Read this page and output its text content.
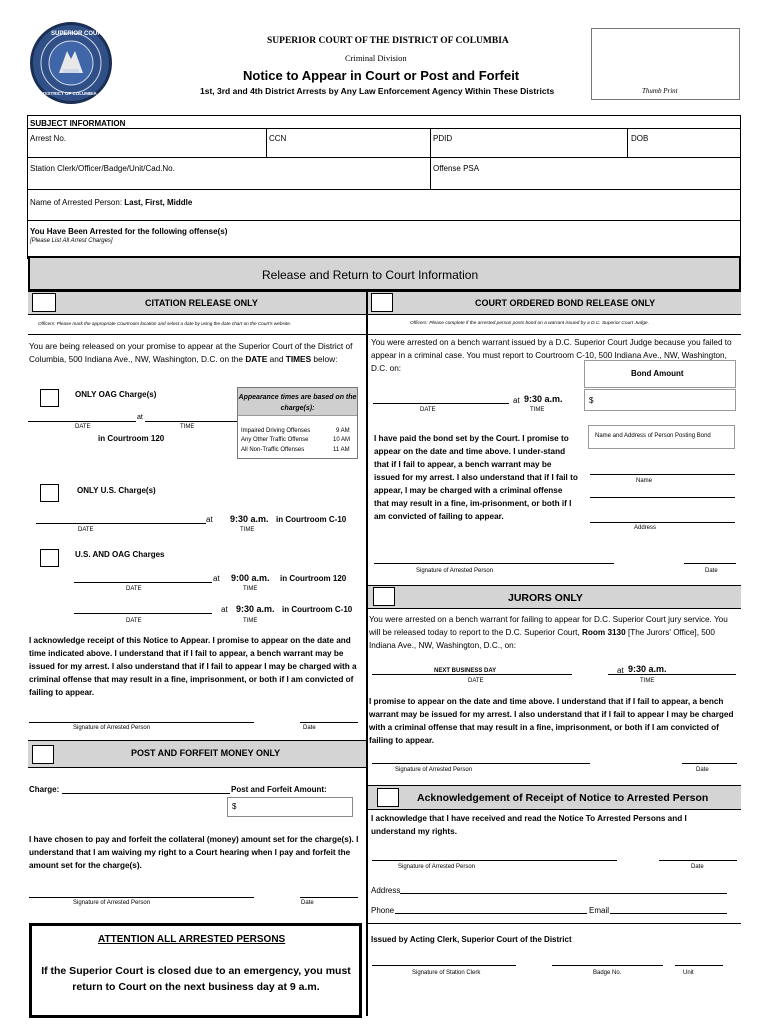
SUPERIOR COURT
DISTRICT OF COLUMBIA
SUPERIOR COURT OF THE DISTRICT OF COLUMBIA
Criminal Division
Notice to Appear in Court or Post and Forfeit
1st, 3rd and 4th District Arrests by Any Law Enforcement Agency Within These Districts	Thumb Print
SUBJECT INFORMATION
Arrest No.	CCN	PDID	DOB
Station Clerk/Officer/Badge/Unit/Cad.No.	Offense PSA
Name of Arrested Person: Last, First, Middle
You Have Been Arrested for the following offense(s)
[Please List All Arrest Charges]
Release and Return to Court Information
CITATION RELEASE ONLY
Officers: Please mark the appropriate Courtroom location and select a date by using the date chart on the Court's website.
You are being released on your promise to appear at the Superior Court of the District of Columbia, 500 Indiana Ave., NW, Washington, D.C. on the DATE and TIMES below:
ONLY OAG Charge(s)
at
DATE	TIME
in Courtroom 120
Appearance times are based on the charge(s):
Impaired Driving Offenses	9 AM
Any Other Traffic Offense	10 AM
All Non-Traffic Offenses	11 AM
ONLY U.S. Charge(s)
at 9:30 a.m. in Courtroom C-10
DATE	TIME
U.S. AND OAG Charges
at 9:00 a.m. in Courtroom 120
DATE	TIME
at 9:30 a.m. in Courtroom C-10
DATE	TIME
I acknowledge receipt of this Notice to Appear. I promise to appear on the date and time indicated above. I understand that if I fail to appear, a bench warrant may be issued for my arrest. I also understand that if I fail to appear I may be charged with a criminal offense that may result in a fine, imprisonment, or both if I am convicted of failing to appear.
Signature of Arrested Person	Date
POST AND FORFEIT MONEY ONLY
Charge:	Post and Forfeit Amount:
$
I have chosen to pay and forfeit the collateral (money) amount set for the charge(s). I understand that I am waiving my right to a Court hearing when I pay and forfeit the amount set for the charge(s).
Signature of Arrested Person	Date
ATTENTION ALL ARRESTED PERSONS
If the Superior Court is closed due to an emergency, you must return to Court on the next business day at 9 a.m.
COURT ORDERED BOND RELEASE ONLY
Officers: Please complete if the arrested person posts bond on a warrant issued by a D.C. Superior Court Judge.
You were arrested on a bench warrant issued by a D.C. Superior Court Judge because you failed to appear in a criminal case. You must report to Courtroom C-10, 500 Indiana Ave., NW, Washington, D.C. on:
Bond Amount
$
at 9:30 a.m.
DATE	TIME
Name and Address of Person Posting Bond
Name
Address
I have paid the bond set by the Court. I promise to appear on the date and time above. I under-stand that if I fail to appear, a bench warrant may be issued for my arrest. I also understand that if I fail to appear, I may be charged with a criminal offense that may result in a fine, im-prisonment, or both if I am convicted of failing to appear.
Signature of Arrested Person	Date
JURORS ONLY
You were arrested on a bench warrant for failing to appear for D.C. Superior Court jury service. You will be released today to report to the D.C. Superior Court, Room 3130 [The Jurors' Office], 500 Indiana Ave., NW, Washington, D.C., on:
NEXT BUSINESS DAY	at 9:30 a.m.
DATE	TIME
I promise to appear on the date and time above. I understand that if I fail to appear, a bench warrant may be issued for my arrest. I also understand that if I fail to appear I may be charged with a criminal offense that may result in a fine, imprisonment, or both if I am convicted of failing to appear.
Signature of Arrested Person	Date
Acknowledgement of Receipt of Notice to Arrested Person
I acknowledge that I have received and read the Notice To Arrested Persons and I understand my rights.
Signature of Arrested Person	Date
Address
Phone	Email
Issued by Acting Clerk, Superior Court of the District
Signature of Station Clerk	Badge No.	Unit
